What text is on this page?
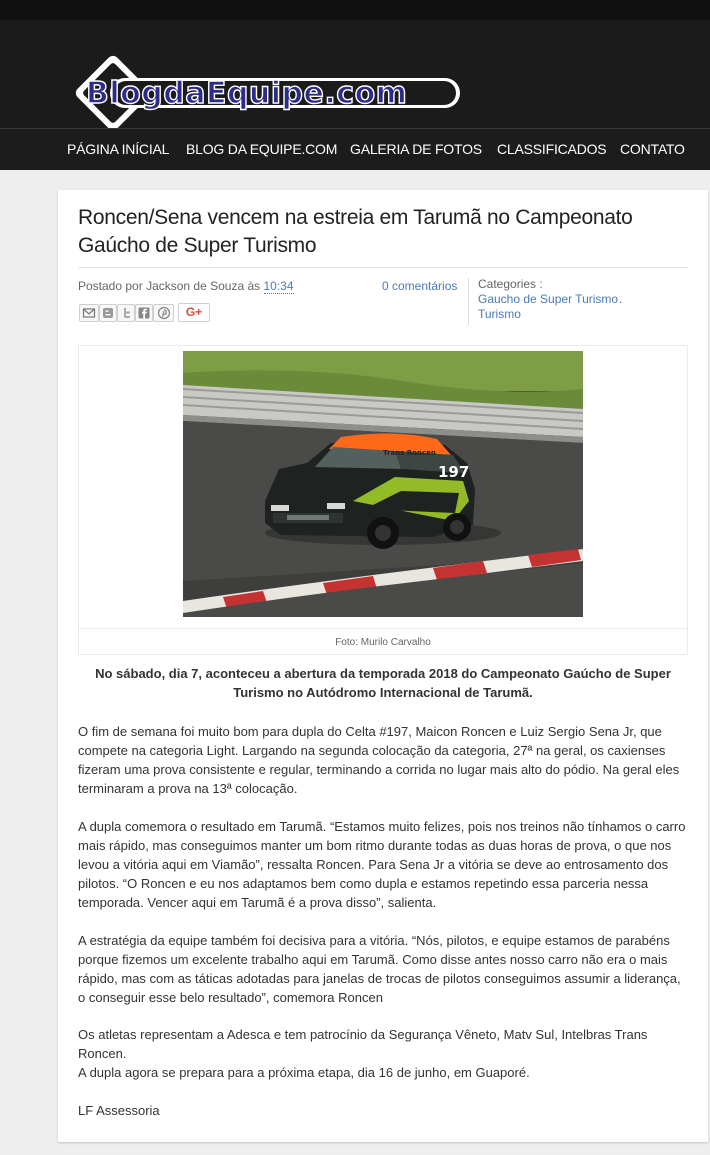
BlogdaEquipe.com
PÁGINA INÍCIAL BLOG DA EQUIPE.COM GALERIA DE FOTOS CLASSIFICADOS CONTATO
Roncen/Sena vencem na estreia em Tarumã no Campeonato Gaúcho de Super Turismo
Postado por Jackson de Souza às 10:34	0 comentários Categories :
Gaucho de Super Turismo .
Turismo
G+
197
Trans Roncen
Foto: Murilo Carvalho

No sábado, dia 7, aconteceu a abertura da temporada 2018 do Campeonato Gaúcho de Super Turismo no Autódromo Internacional de Tarumã.

O fim de semana foi muito bom para dupla do Celta #197, Maicon Roncen e Luiz Sergio Sena Jr, que compete na categoria Light. Largando na segunda colocação da categoria, 27ª na geral, os caxienses fizeram uma prova consistente e regular, terminando a corrida no lugar mais alto do pódio. Na geral eles terminaram a prova na 13ª colocação.

A dupla comemora o resultado em Tarumã. “Estamos muito felizes, pois nos treinos não tínhamos o carro mais rápido, mas conseguimos manter um bom ritmo durante todas as duas horas de prova, o que nos levou a vitória aqui em Viamão”, ressalta Roncen. Para Sena Jr a vitória se deve ao entrosamento dos pilotos. “O Roncen e eu nos adaptamos bem como dupla e estamos repetindo essa parceria nessa temporada. Vencer aqui em Tarumã é a prova disso”, salienta.

A estratégia da equipe também foi decisiva para a vitória. “Nós, pilotos, e equipe estamos de parabéns porque fizemos um excelente trabalho aqui em Tarumã. Como disse antes nosso carro não era o mais rápido, mas com as táticas adotadas para janelas de trocas de pilotos conseguimos assumir a liderança, o conseguir esse belo resultado”, comemora Roncen

Os atletas representam a Adesca e tem patrocínio da Segurança Vêneto, Matv Sul, Intelbras Trans Roncen.

A dupla agora se prepara para a próxima etapa, dia 16 de junho, em Guaporé.

LF Assessoria
